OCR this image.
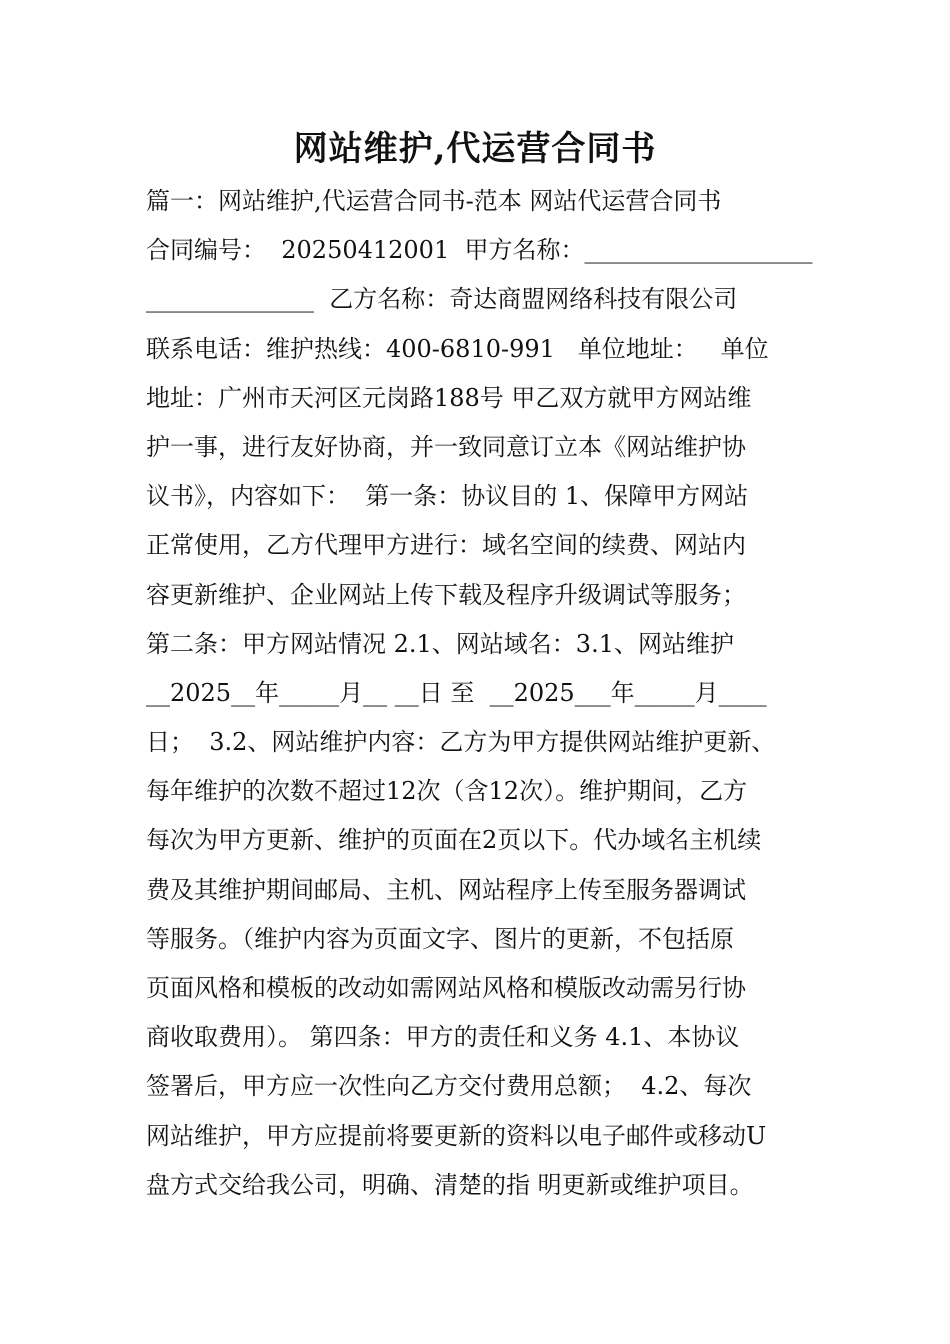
网站维护,代运营合同书
篇一：网站维护,代运营合同书-范本 网站代运营合同书
合同编号：  20250412001  甲方名称：___________________
______________  乙方名称：奇达商盟网络科技有限公司
联系电话：维护热线：400-6810-991   单位地址：   单位
地址：广州市天河区元岗路188号 甲乙双方就甲方网站维
护一事，进行友好协商，并一致同意订立本《网站维护协
议书》，内容如下：  第一条：协议目的 1、保障甲方网站
正常使用，乙方代理甲方进行：域名空间的续费、网站内
容更新维护、企业网站上传下载及程序升级调试等服务；
第二条：甲方网站情况 2.1、网站域名：3.1、网站维护
__2025__年_____月__ __日 至  __2025___年_____月____
日；  3.2、网站维护内容：乙方为甲方提供网站维护更新、
每年维护的次数不超过12次（含12次）。维护期间，乙方
每次为甲方更新、维护的页面在2页以下。代办域名主机续
费及其维护期间邮局、主机、网站程序上传至服务器调试
等服务。（维护内容为页面文字、图片的更新，不包括原
页面风格和模板的改动如需网站风格和模版改动需另行协
商收取费用）。 第四条：甲方的责任和义务 4.1、本协议
签署后，甲方应一次性向乙方交付费用总额；  4.2、每次
网站维护，甲方应提前将要更新的资料以电子邮件或移动U
盘方式交给我公司，明确、清楚的指 明更新或维护项目。
